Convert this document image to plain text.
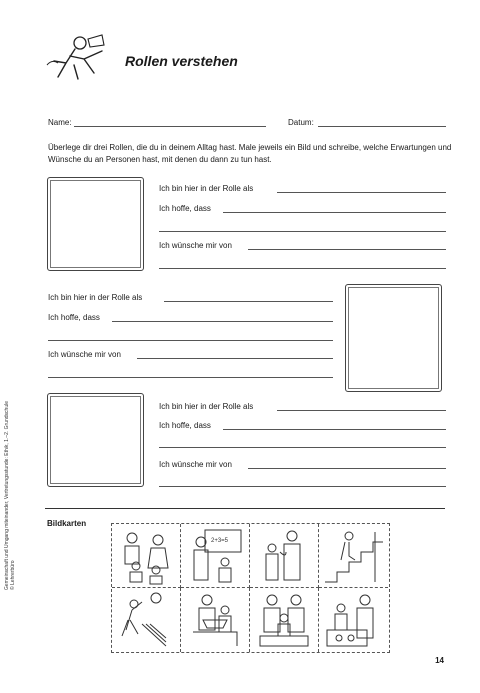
Rollen verstehen
Name:	Datum:
Überlege dir drei Rollen, die du in deinem Alltag hast. Male jeweils ein Bild und schreibe, welche Erwartungen und Wünsche du an Personen hast, mit denen du dann zu tun hast.
Ich bin hier in der Rolle als
Ich hoffe, dass
Ich wünsche mir von
Ich bin hier in der Rolle als
Ich hoffe, dass
Ich wünsche mir von
Ich bin hier in der Rolle als
Ich hoffe, dass
Ich wünsche mir von
Bildkarten
2+3=5
Gemeinschaft und Umgang miteinander, Vertretungsstunde: Ethik, 1.–2. Grundschule © Lehrerbüro
14
